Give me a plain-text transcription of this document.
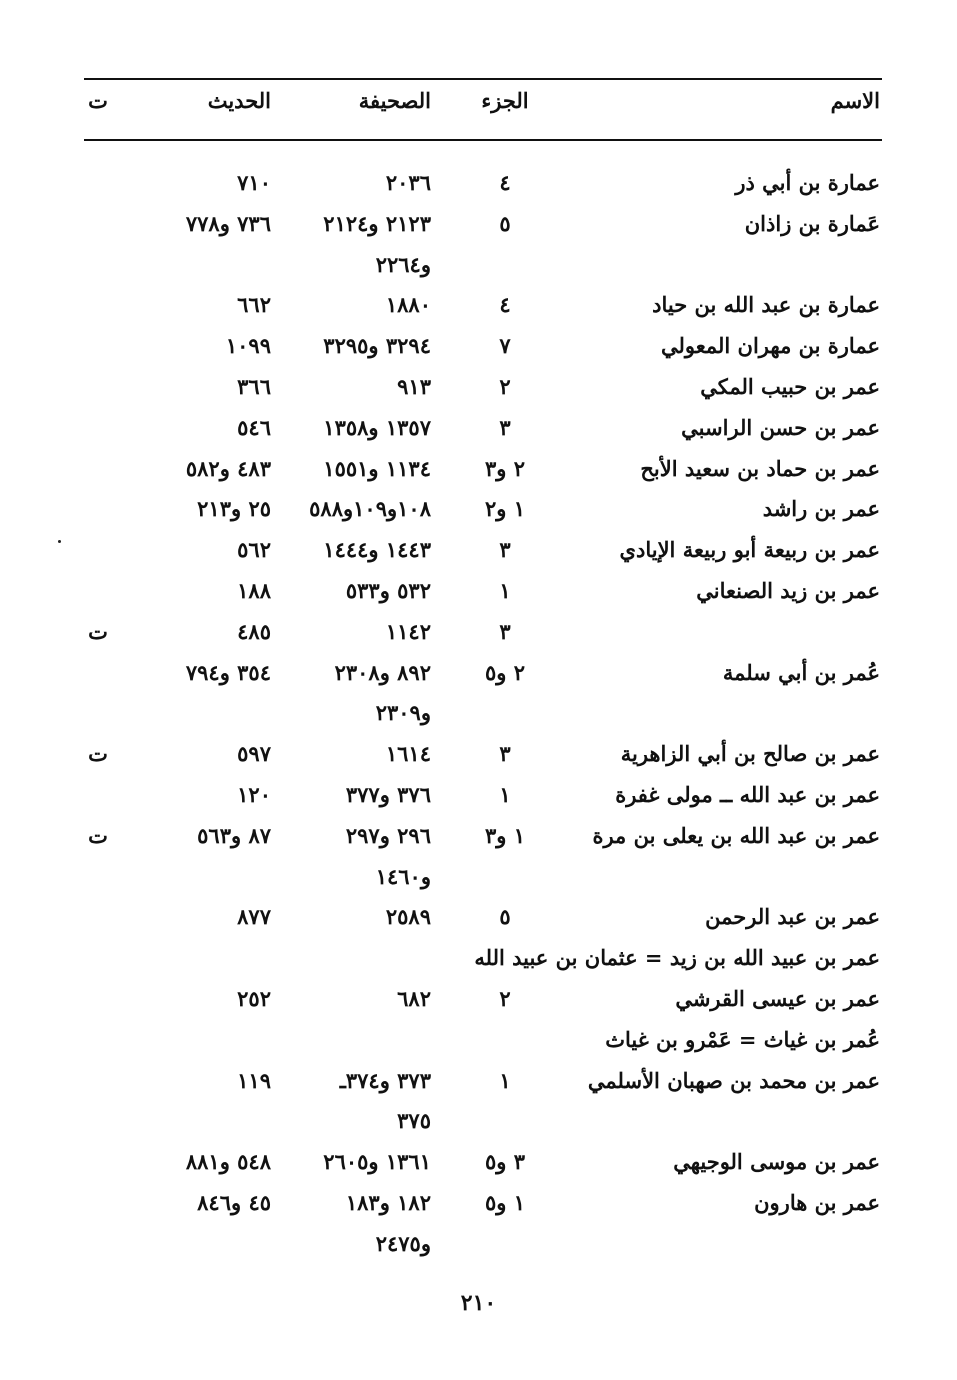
الاسم
الجزء
الصحيفة
الحديث
ت
عمارة بن أبي ذر
٤
٢٠٣٦
٧١٠
عَمارة بن زاذان
٥
٢١٢٣ و٢١٢٤
٧٣٦ و٧٧٨
و٢٢٦٤
عمارة بن عبد الله بن حياد
٤
١٨٨٠
٦٦٢
عمارة بن مهران المعولي
٧
٣٢٩٤ و٣٢٩٥
١٠٩٩
عمر بن حبيب المكي
٢
٩١٣
٣٦٦
عمر بن حسن الراسبي
٣
١٣٥٧ و١٣٥٨
٥٤٦
عمر بن حماد بن سعيد الأبح
٢ و٣
١١٣٤ و١٥٥١
٤٨٣ و٥٨٢
عمر بن راشد
١ و٢
١٠٨و١٠٩و٥٨٨
٢٥ و٢١٣
عمر بن ربيعة أبو ربيعة الإيادي
٣
١٤٤٣ و١٤٤٤
٥٦٢
عمر بن زيد الصنعاني
١
٥٣٢ و٥٣٣
١٨٨
٣
١١٤٢
٤٨٥
ت
عُمر بن أبي سلمة
٢ و٥
٨٩٢ و٢٣٠٨
٣٥٤ و٧٩٤
و٢٣٠٩
عمر بن صالح بن أبي الزاهرية
٣
١٦١٤
٥٩٧
ت
عمر بن عبد الله ــ مولى غفرة
١
٣٧٦ و٣٧٧
١٢٠
عمر بن عبد الله بن يعلى بن مرة
١ و٣
٢٩٦ و٢٩٧
٨٧ و٥٦٣
ت
و١٤٦٠
عمر بن عبد الرحمن
٥
٢٥٨٩
٨٧٧
عمر بن عبيد الله بن زيد = عثمان بن عبيد الله
عمر بن عيسى القرشي
٢
٦٨٢
٢٥٢
عُمر بن غياث = عَمْرو بن غياث
عمر بن محمد بن صهبان الأسلمي
١
٣٧٣ و٣٧٤ـ
١١٩
٣٧٥
عمر بن موسى الوجيهي
٣ و٥
١٣٦١ و٢٦٠٥
٥٤٨ و٨٨١
عمر بن هارون
١ و٥
١٨٢ و١٨٣
٤٥ و٨٤٦
و٢٤٧٥
٢١٠
